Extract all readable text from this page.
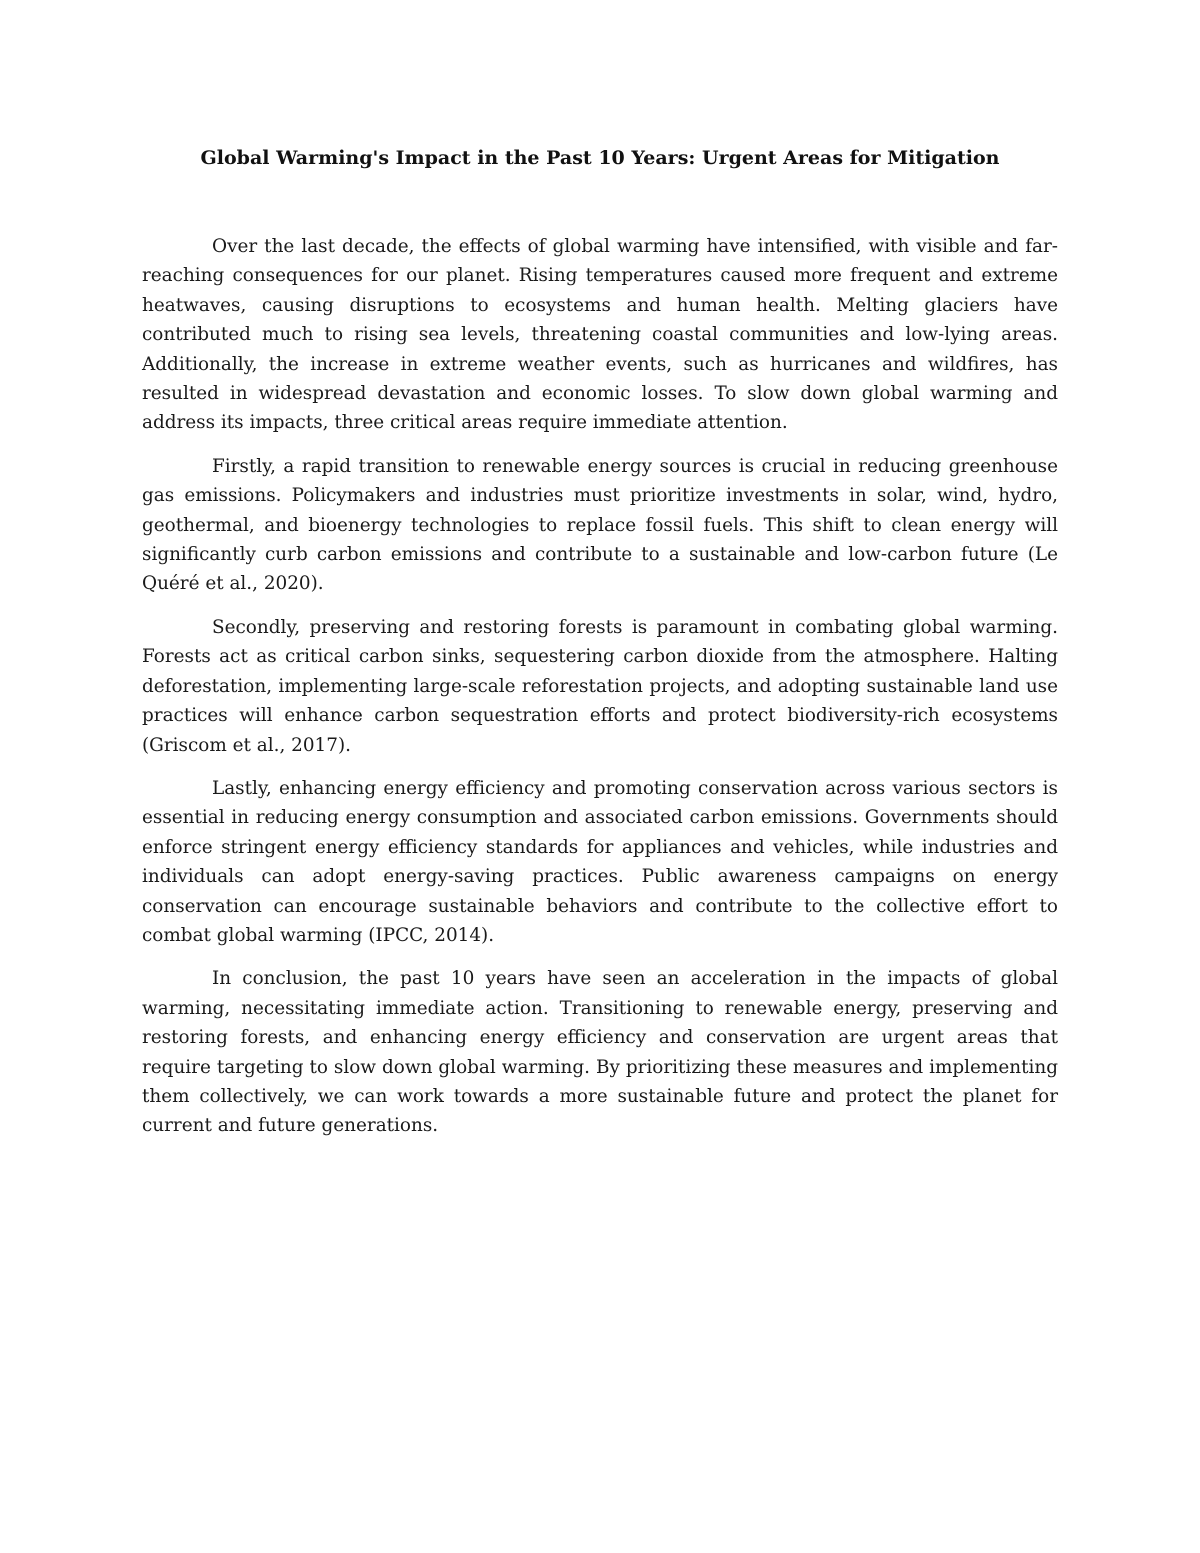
Global Warming's Impact in the Past 10 Years: Urgent Areas for Mitigation

Over the last decade, the effects of global warming have intensified, with visible and far-reaching consequences for our planet. Rising temperatures caused more frequent and extreme heatwaves, causing disruptions to ecosystems and human health. Melting glaciers have contributed much to rising sea levels, threatening coastal communities and low-lying areas. Additionally, the increase in extreme weather events, such as hurricanes and wildfires, has resulted in widespread devastation and economic losses. To slow down global warming and address its impacts, three critical areas require immediate attention.

Firstly, a rapid transition to renewable energy sources is crucial in reducing greenhouse gas emissions. Policymakers and industries must prioritize investments in solar, wind, hydro, geothermal, and bioenergy technologies to replace fossil fuels. This shift to clean energy will significantly curb carbon emissions and contribute to a sustainable and low-carbon future (Le Quéré et al., 2020).

Secondly, preserving and restoring forests is paramount in combating global warming. Forests act as critical carbon sinks, sequestering carbon dioxide from the atmosphere. Halting deforestation, implementing large-scale reforestation projects, and adopting sustainable land use practices will enhance carbon sequestration efforts and protect biodiversity-rich ecosystems (Griscom et al., 2017).

Lastly, enhancing energy efficiency and promoting conservation across various sectors is essential in reducing energy consumption and associated carbon emissions. Governments should enforce stringent energy efficiency standards for appliances and vehicles, while industries and individuals can adopt energy-saving practices. Public awareness campaigns on energy conservation can encourage sustainable behaviors and contribute to the collective effort to combat global warming (IPCC, 2014).

In conclusion, the past 10 years have seen an acceleration in the impacts of global warming, necessitating immediate action. Transitioning to renewable energy, preserving and restoring forests, and enhancing energy efficiency and conservation are urgent areas that require targeting to slow down global warming. By prioritizing these measures and implementing them collectively, we can work towards a more sustainable future and protect the planet for current and future generations.
